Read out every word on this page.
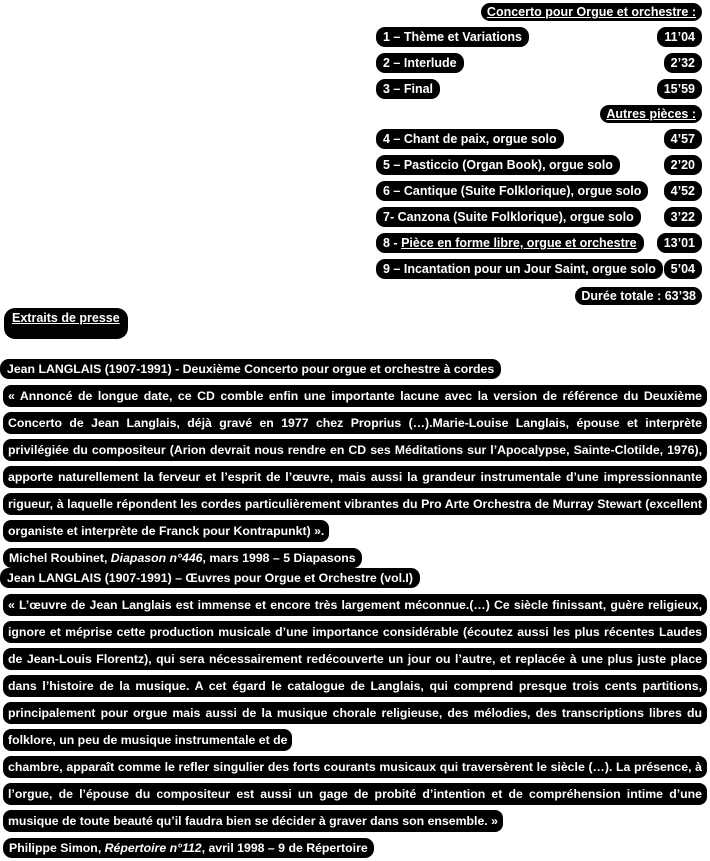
Concerto pour Orgue et orchestre :

1 – Thème et Variations	11’04

2 – Interlude	2’32

3 – Final	15’59

Autres pièces :

4 – Chant de paix, orgue solo	4’57

5 – Pasticcio (Organ Book), orgue solo	2’20

6 – Cantique (Suite Folklorique), orgue solo	4’52

7- Canzona (Suite Folklorique), orgue solo	3’22

8 - Pièce en forme libre, orgue et orchestre	13’01

9 – Incantation pour un Jour Saint, orgue solo	5’04

Durée totale : 63’38
Extraits de presse

Jean LANGLAIS (1907-1991) - Deuxième Concerto pour orgue et orchestre à cordes

« Annoncé de longue date, ce CD comble enfin une importante lacune avec la version de référence du Deuxième Concerto de Jean Langlais, déjà gravé en 1977 chez Proprius (…).Marie-Louise Langlais, épouse et interprète privilégiée du compositeur (Arion devrait nous rendre en CD ses Méditations sur l’Apocalypse, Sainte-Clotilde, 1976), apporte naturellement la ferveur et l’esprit de l’œuvre, mais aussi la grandeur instrumentale d’une impressionnante rigueur, à laquelle répondent les cordes particulièrement vibrantes du Pro Arte Orchestra de Murray Stewart (excellent organiste et interprète de Franck pour Kontrapunkt) ».

Michel Roubinet, Diapason n°446, mars 1998 – 5 Diapasons

Jean LANGLAIS (1907-1991) – Œuvres pour Orgue et Orchestre (vol.I)

« L’œuvre de Jean Langlais est immense et encore très largement méconnue.(…) Ce siècle finissant, guère religieux, ignore et méprise cette production musicale d’une importance considérable (écoutez aussi les plus récentes Laudes de Jean-Louis Florentz), qui sera nécessairement redécouverte un jour ou l’autre, et replacée à une plus juste place dans l’histoire de la musique. A cet égard le catalogue de Langlais, qui comprend presque trois cents partitions, principalement pour orgue mais aussi de la musique chorale religieuse, des mélodies, des transcriptions libres du folklore, un peu de musique instrumentale et de

chambre, apparaît comme le refler singulier des forts courants musicaux qui traversèrent le siècle (…). La présence, à l’orgue, de l’épouse du compositeur est aussi un gage de probité d’intention et de compréhension intime d’une musique de toute beauté qu’il faudra bien se décider à graver dans son ensemble. »

Philippe Simon, Répertoire n°112, avril 1998 – 9 de Répertoire
